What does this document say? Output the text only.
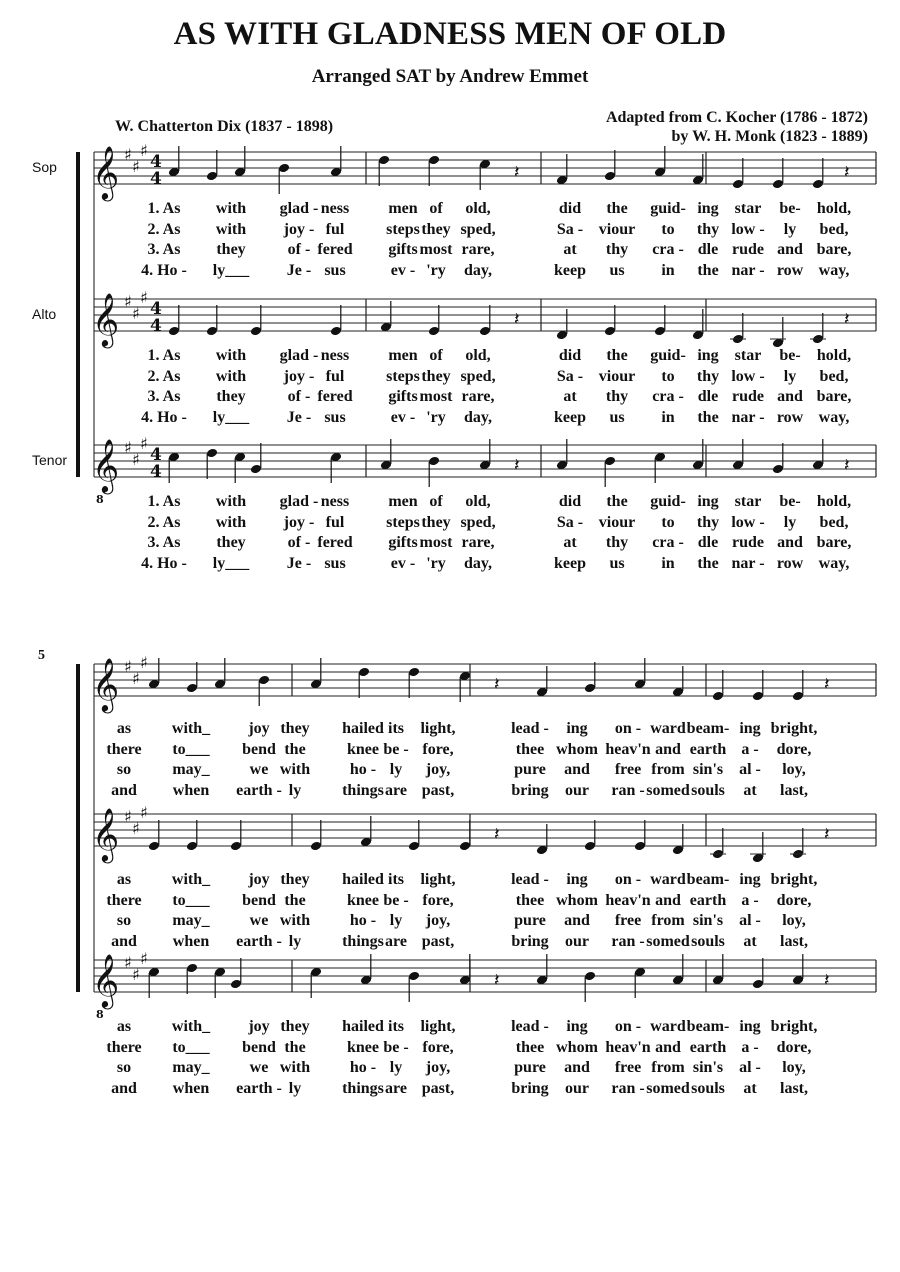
AS WITH GLADNESS MEN OF OLD
Arranged SAT by Andrew Emmet
W. Chatterton Dix (1837 - 1898)
Adapted from C. Kocher (1786 - 1872)
by W. H. Monk (1823 - 1889)
Sop
Alto
Tenor
5
𝄞 ♯
♯
♯
4
4
𝄞 ♯
♯
♯
4
4
𝄞 ♯
♯
♯
4
4
8
𝄽	𝄽
𝄽	𝄽
𝄽	𝄽
𝄞 ♯
♯
♯
𝄞 ♯
♯
♯
𝄞 ♯
♯
♯
8
𝄽	𝄽
𝄽	𝄽
𝄽	𝄽
1. As with glad - ness men of old,	did the guid- ing star be- hold,
2. As with joy - ful	steps they sped,	Sa - viour to thy low - ly bed,
3. As they	of - fered gifts most rare,	at thy cra - dle rude and bare,
4. Ho - ly___ Je - sus	ev - 'ry day,	keep us in the nar - row way,
1. As with glad - ness men of old,	did the guid- ing star be- hold,
2. As with joy - ful	steps they sped,	Sa - viour to thy low - ly bed,
3. As they	of - fered gifts most rare,	at thy cra - dle rude and bare,
4. Ho - ly___ Je - sus	ev - 'ry day,	keep us in the nar - row way,
1. As with glad - ness men of old,	did the guid- ing star be- hold,
2. As with joy - ful	steps they sped,	Sa - viour to thy low - ly bed,
3. As they	of - fered gifts most rare,	at thy cra - dle rude and bare,
4. Ho - ly___ Je - sus	ev - 'ry day,	keep us in the nar - row way,
as	with_ joy they hailed its light,	lead - ing on - ward beam- ing bright,
there to___ bend the	knee be - fore,	thee whom heav'n and earth a - dore,
so	may_	we with ho - ly joy,	pure and free from sin's al - loy,
and when earth - ly	things are past,	bring our ran - somed souls at last,
as	with_ joy they hailed its light,	lead - ing on - ward beam- ing bright,
there to___ bend the	knee be - fore,	thee whom heav'n and earth a - dore,
so	may_	we with ho - ly joy,	pure and free from sin's al - loy,
and when earth - ly	things are past,	bring our ran - somed souls at last,
as	with_ joy they hailed its light,	lead - ing on - ward beam- ing bright,
there to___ bend the	knee be - fore,	thee whom heav'n and earth a - dore,
so	may_	we with ho - ly joy,	pure and free from sin's al - loy,
and when earth - ly	things are past,	bring our ran - somed souls at last,
